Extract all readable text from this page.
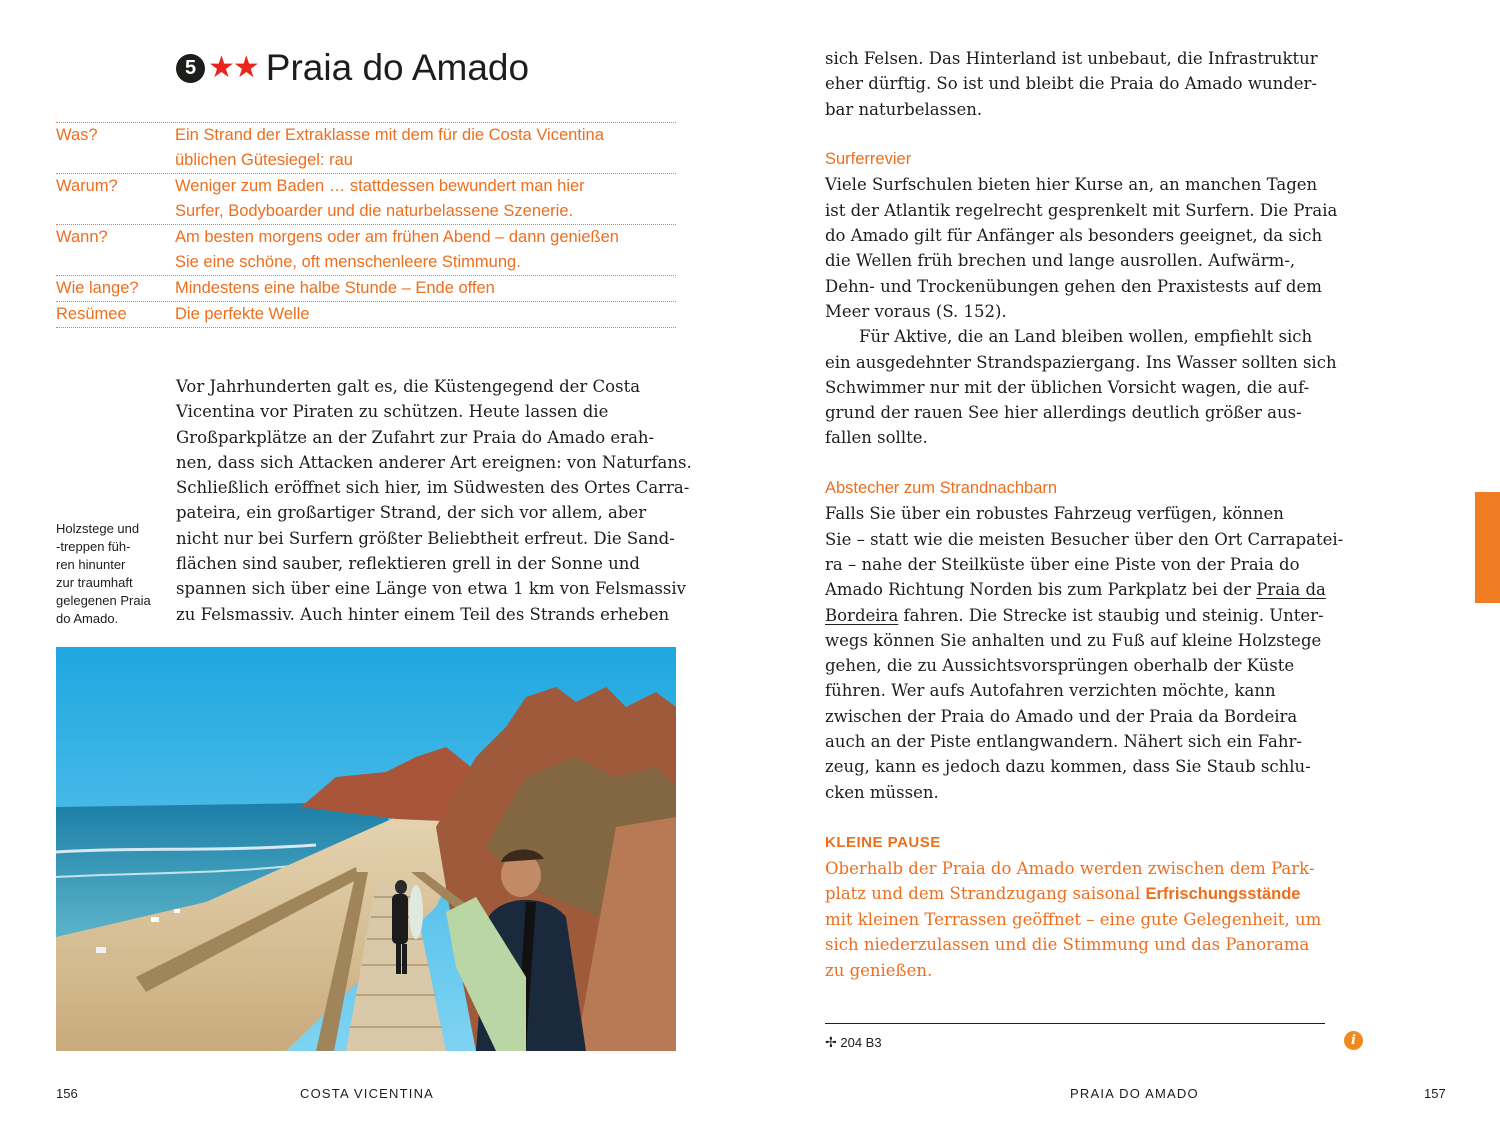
5 ★★ Praia do Amado
Was?	Ein Strand der Extraklasse mit dem für die Costa Vicentina
üblichen Gütesiegel: rau
Warum?	Weniger zum Baden … stattdessen bewundert man hier
Surfer, Bodyboarder und die naturbelassene Szenerie.
Wann?	Am besten morgens oder am frühen Abend – dann genießen
Sie eine schöne, oft menschenleere Stimmung.
Wie lange?	Mindestens eine halbe Stunde – Ende offen
Resümee	Die perfekte Welle

Vor Jahrhunderten galt es, die Küstengegend der Costa

Vicentina vor Piraten zu schützen. Heute lassen die

Großparkplätze an der Zufahrt zur Praia do Amado erah-

nen, dass sich Attacken anderer Art ereignen: von Naturfans.

Schließlich eröffnet sich hier, im Südwesten des Ortes Carra-

pateira, ein großartiger Strand, der sich vor allem, aber

nicht nur bei Surfern größter Beliebtheit erfreut. Die Sand-

flächen sind sauber, reflektieren grell in der Sonne und

spannen sich über eine Länge von etwa 1 km von Felsmassiv

zu Felsmassiv. Auch hinter einem Teil des Strands erheben

Holzstege und
-treppen füh-
ren hinunter
zur traumhaft
gelegenen Praia
do Amado.

sich Felsen. Das Hinterland ist unbebaut, die Infrastruktur

eher dürftig. So ist und bleibt die Praia do Amado wunder-

bar naturbelassen.

Surferrevier

Viele Surfschulen bieten hier Kurse an, an manchen Tagen

ist der Atlantik regelrecht gesprenkelt mit Surfern. Die Praia

do Amado gilt für Anfänger als besonders geeignet, da sich

die Wellen früh brechen und lange ausrollen. Aufwärm-,

Dehn- und Trockenübungen gehen den Praxistests auf dem

Meer voraus (S. 152).

Für Aktive, die an Land bleiben wollen, empfiehlt sich

ein ausgedehnter Strandspaziergang. Ins Wasser sollten sich

Schwimmer nur mit der üblichen Vorsicht wagen, die auf-

grund der rauen See hier allerdings deutlich größer aus-

fallen sollte.

Abstecher zum Strandnachbarn

Falls Sie über ein robustes Fahrzeug verfügen, können

Sie – statt wie die meisten Besucher über den Ort Carrapatei-

ra – nahe der Steilküste über eine Piste von der Praia do

Amado Richtung Norden bis zum Parkplatz bei der Praia da

Bordeira fahren. Die Strecke ist staubig und steinig. Unter-

wegs können Sie anhalten und zu Fuß auf kleine Holzstege

gehen, die zu Aussichtsvorsprüngen oberhalb der Küste

führen. Wer aufs Autofahren verzichten möchte, kann

zwischen der Praia do Amado und der Praia da Bordeira

auch an der Piste entlangwandern. Nähert sich ein Fahr-

zeug, kann es jedoch dazu kommen, dass Sie Staub schlu-

cken müssen.

KLEINE PAUSE

Oberhalb der Praia do Amado werden zwischen dem Park-

platz und dem Strandzugang saisonal Erfrischungsstände

mit kleinen Terrassen geöffnet – eine gute Gelegenheit, um

sich niederzulassen und die Stimmung und das Panorama

zu genießen.

✢ 204 B3	i
156	COSTA VICENTINA	PRAIA DO AMADO	157
